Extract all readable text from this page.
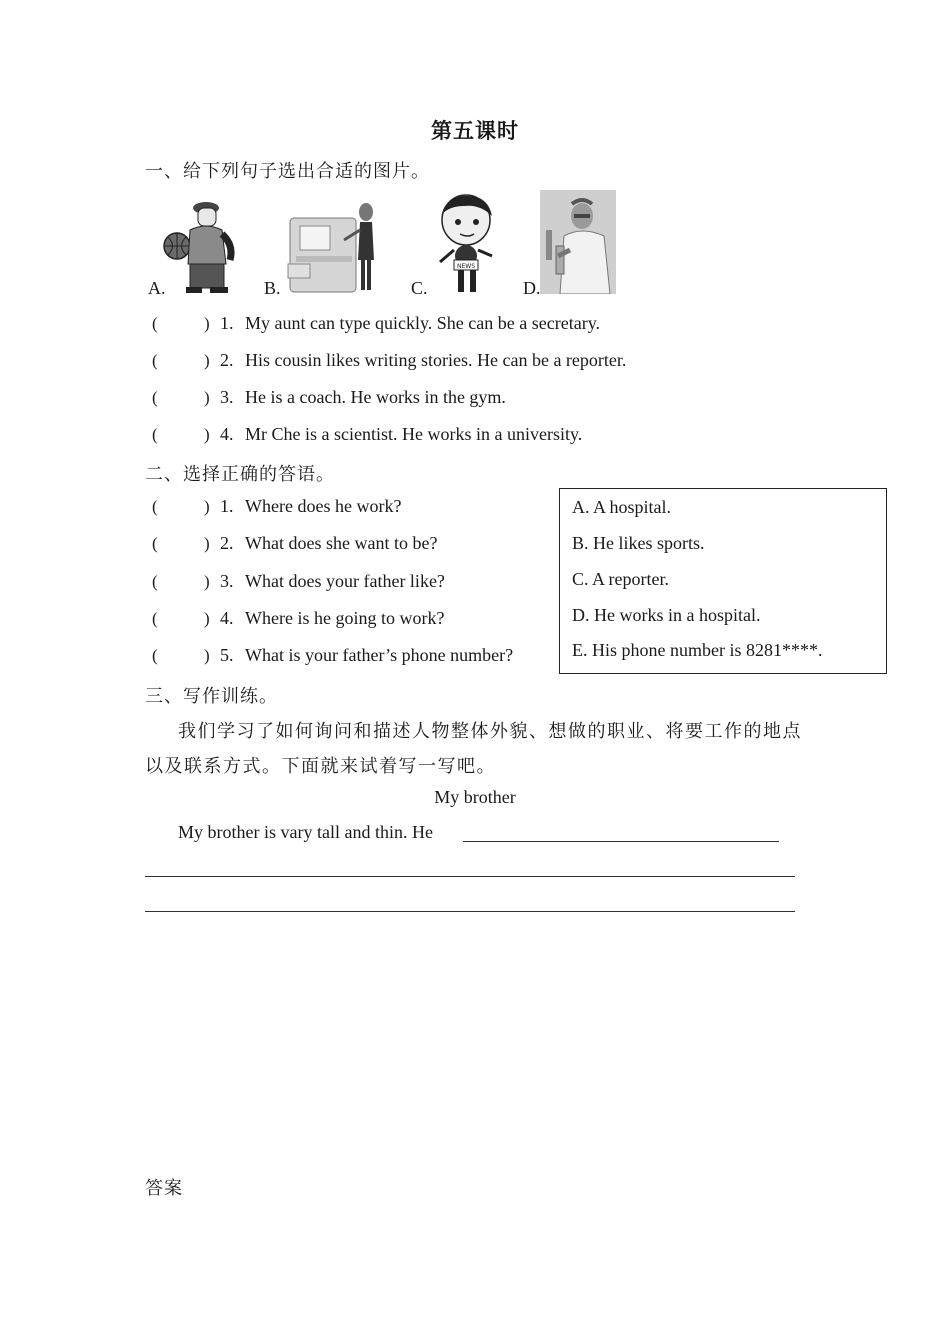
第五课时
一、给下列句子选出合适的图片。
A.	B.
NEWS
C.	D.
(	) 1. My aunt can type quickly. She can be a secretary.
(	) 2. His cousin likes writing stories. He can be a reporter.
(	) 3. He is a coach. He works in the gym.
(	) 4. Mr Che is a scientist. He works in a university.
二、选择正确的答语。
(	) 1. Where does he work?
(	) 2. What does she want to be?
(	) 3. What does your father like?
(	) 4. Where is he going to work?
(	) 5. What is your father’s phone number?
A. A hospital.
B. He likes sports.
C. A reporter.
D. He works in a hospital.
E. His phone number is 8281****.
三、写作训练。
我们学习了如何询问和描述人物整体外貌、想做的职业、将要工作的地点
以及联系方式。下面就来试着写一写吧。
My brother
My brother is vary tall and thin. He
答案
